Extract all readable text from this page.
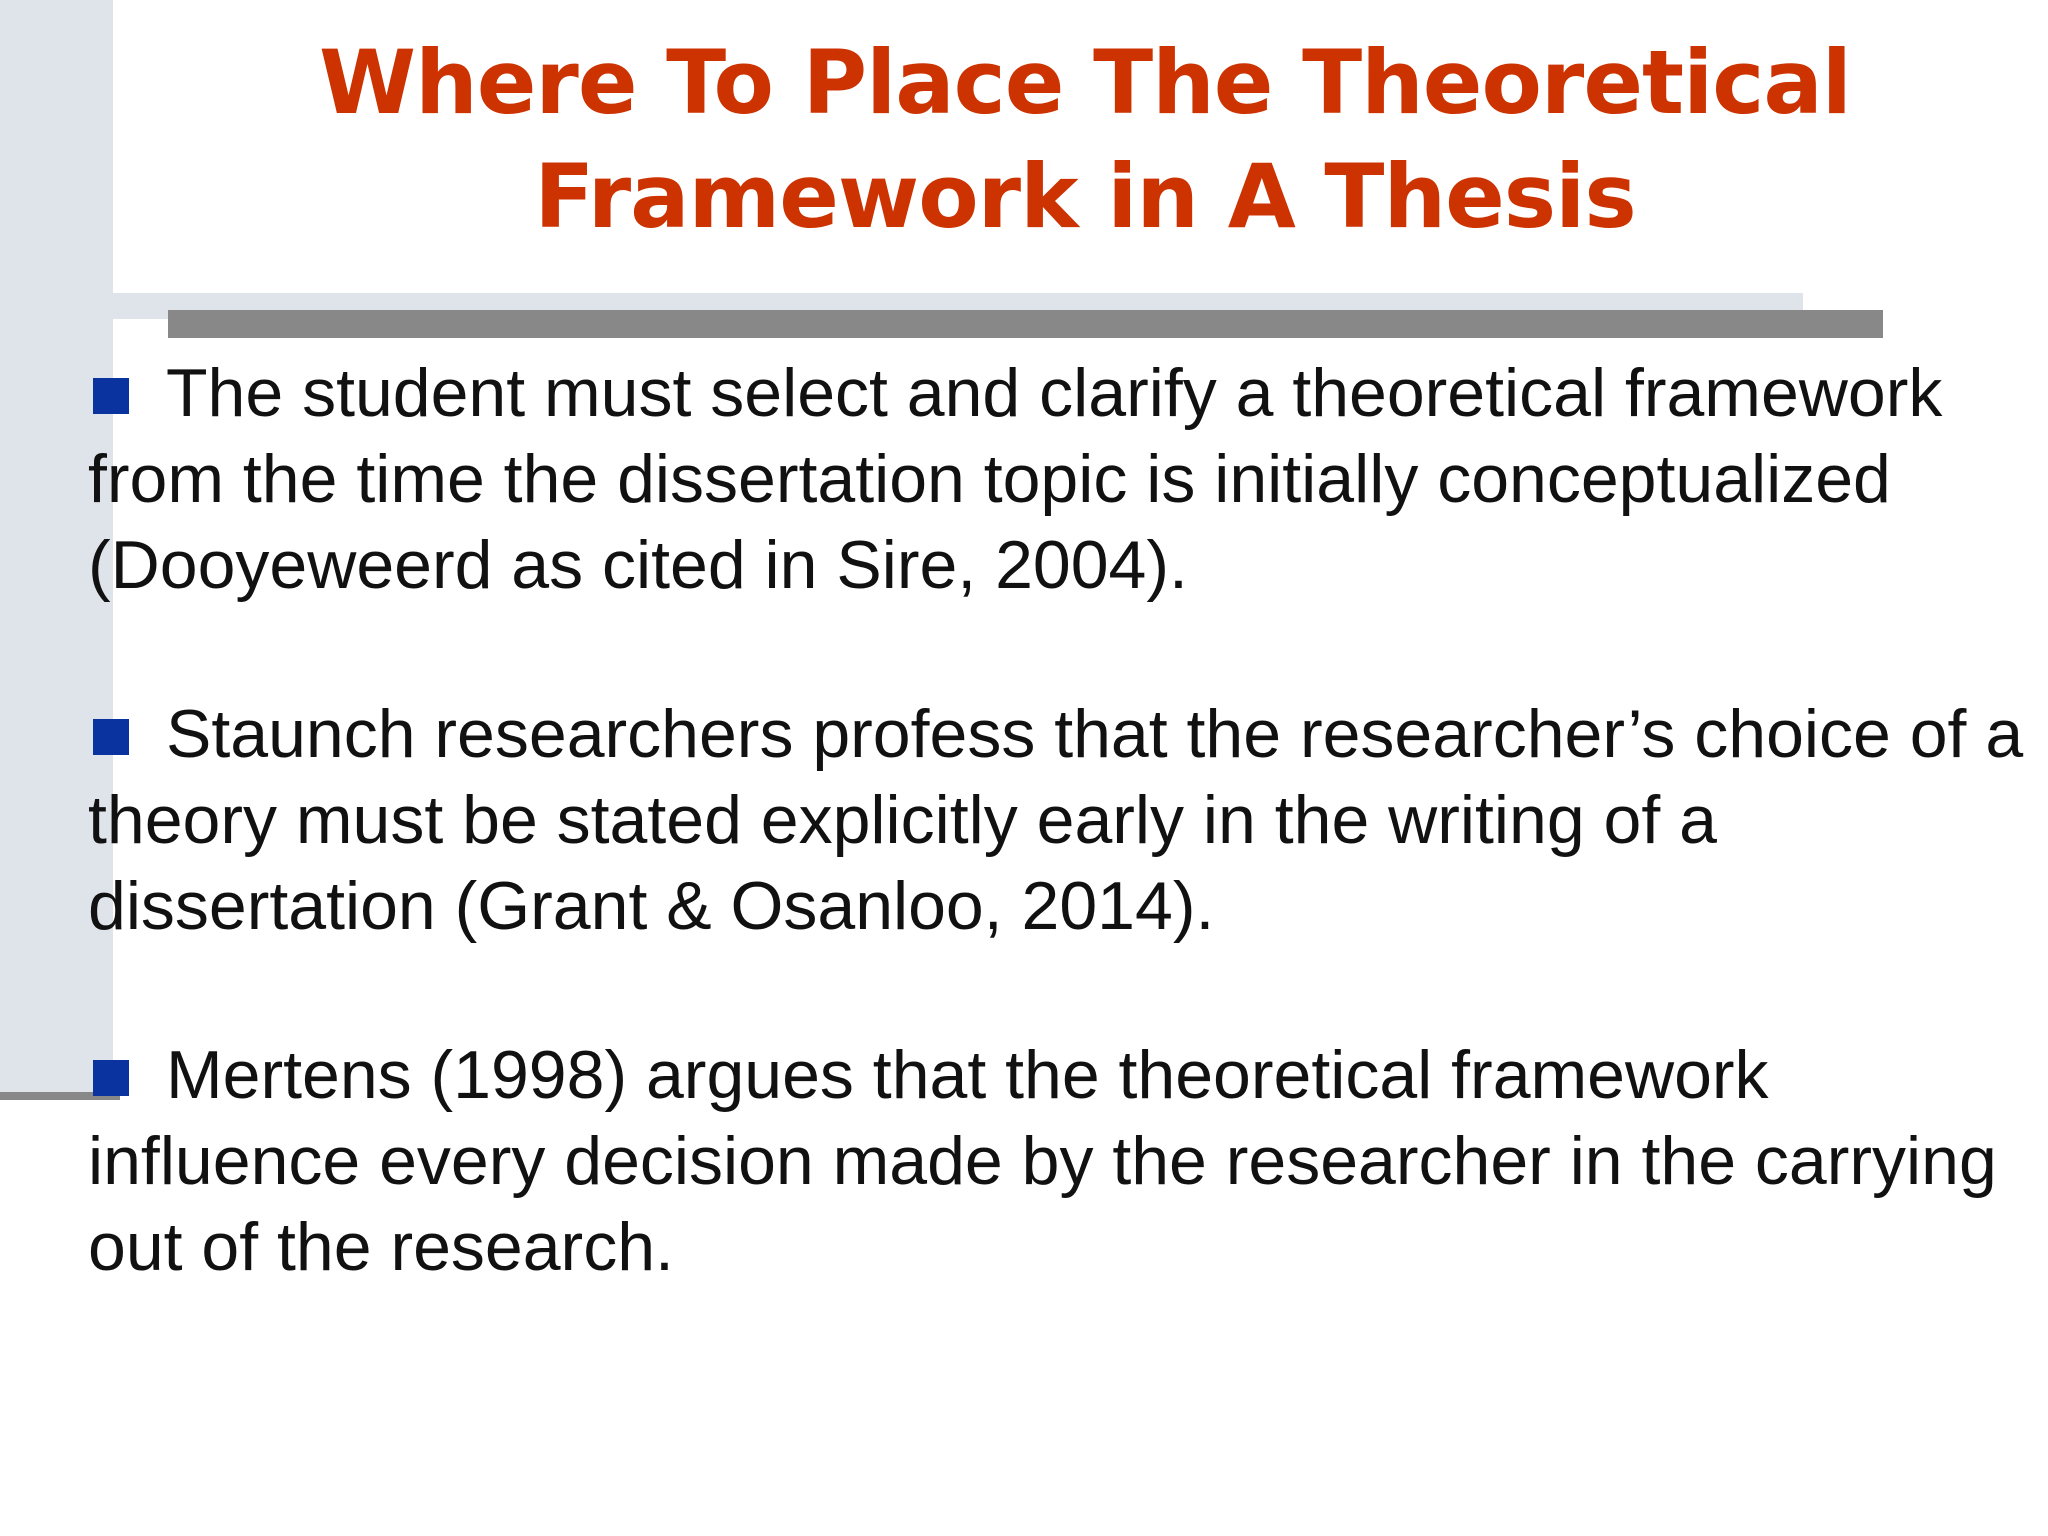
Where To Place The Theoretical
Framework in A Thesis
The student must select and clarify a theoretical framework from the time the dissertation topic is initially conceptualized (Dooyeweerd as cited in Sire, 2004).
Staunch researchers profess that the researcher’s choice of a theory must be stated explicitly early in the writing of a dissertation (Grant & Osanloo, 2014).
Mertens (1998) argues that the theoretical framework influence every decision made by the researcher in the carrying out of the research.
